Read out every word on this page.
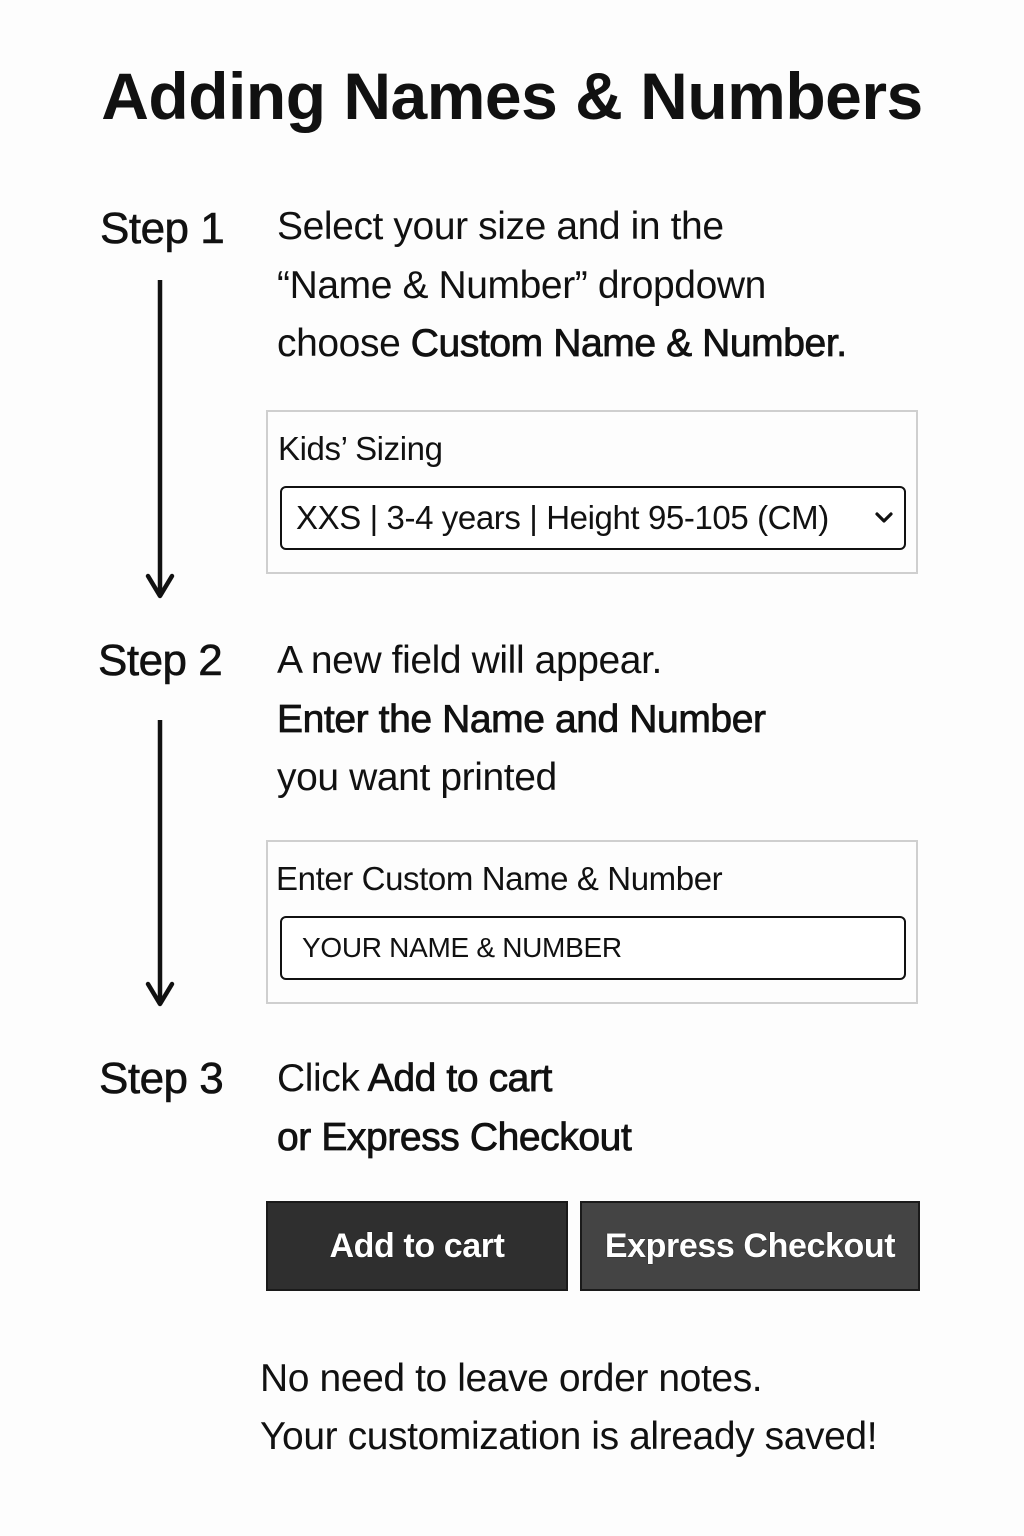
Adding Names & Numbers
Step 1 Select your size and in the
“Name & Number” dropdown
choose Custom Name & Number.
Kids’ Sizing
XXS | 3-4 years | Height 95-105 (CM)
Step 2 A new field will appear.
Enter the Name and Number
you want printed
Enter Custom Name & Number
YOUR NAME & NUMBER
Step 3 Click Add to cart
or Express Checkout
Add to cart	Express Checkout
No need to leave order notes.
Your customization is already saved!
